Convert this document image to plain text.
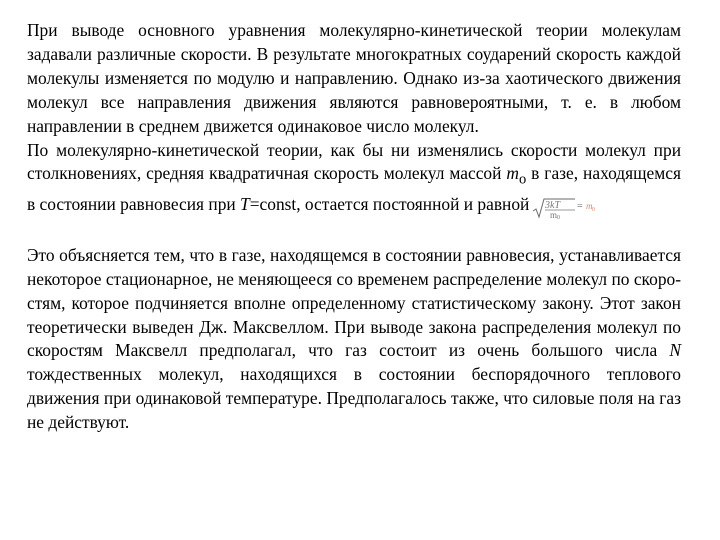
При выводе основного уравнения молекулярно-кинетической теории молекулам задавали различные скорости. В результате многократных соударений скорость каждой молекулы изменяется по модулю и направлению. Однако из-за хаотического движения молекул все направления движения являются равновероятными, т. е. в любом направлении в среднем движется одинаковое число молекул.

По молекулярно-кинетической теории, как бы ни изменялись скорости молекул при столкновениях, средняя квадратичная скорость молекул массой $m_o$ в газе, находящемся в состоянии равновесия при T=const, остается постоянной и равной 3kT
m 0
= m 0

Это объясняется тем, что в газе, находящемся в состоянии равновесия, устанавливается некоторое стационарное, не меняющееся со временем распределение молекул по скоро-стям, которое подчиняется вполне определенному статистическому закону. Этот закон теоретически выведен Дж. Максвеллом. При выводе закона распределения молекул по скоростям Максвелл предполагал, что газ состоит из очень большого числа N тождественных молекул, находящихся в состоянии беспорядочного теплового движения при одинаковой температуре. Предполагалось также, что силовые поля на газ не действуют.
